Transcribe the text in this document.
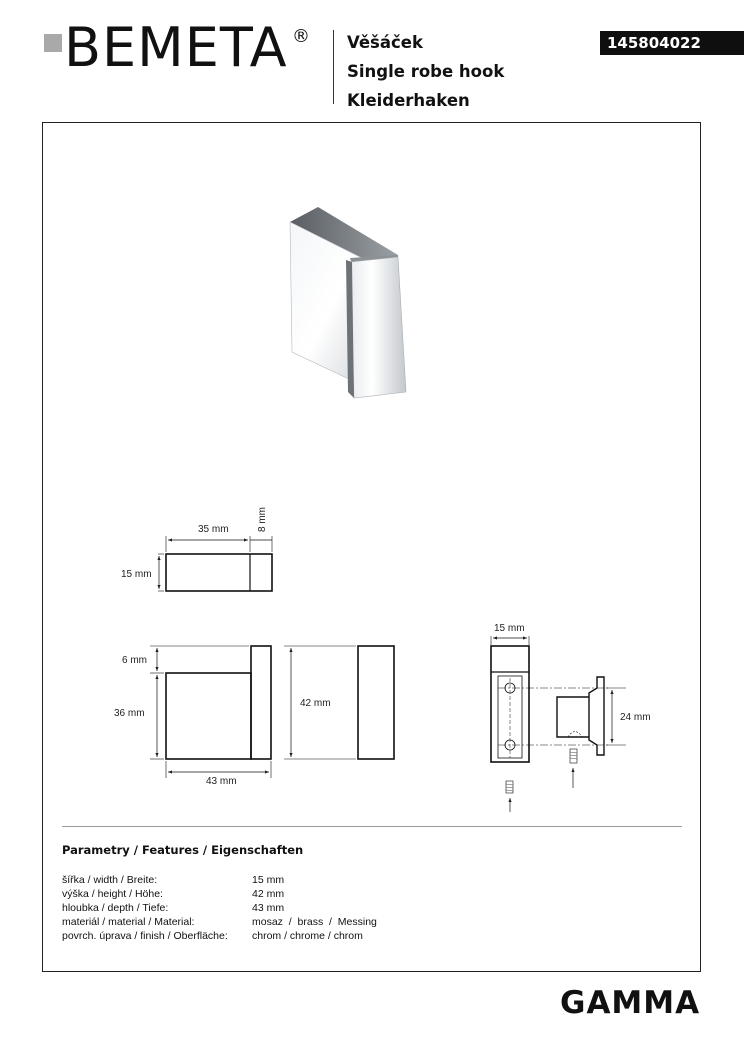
BEMETA ® Věšáček
Single robe hook
Kleiderhaken
145804022
35 mm	8 mm
15 mm
6 mm
36 mm
43 mm
42 mm
15 mm
24 mm
Parametry / Features / Eigenschaften
šířka / width / Breite:	15 mm
výška / height / Höhe:	42 mm
hloubka / depth / Tiefe:	43 mm
materiál / material / Material:	mosaz  /  brass  /  Messing
povrch. úprava / finish / Oberfläche:	chrom / chrome / chrom
GAMMA
